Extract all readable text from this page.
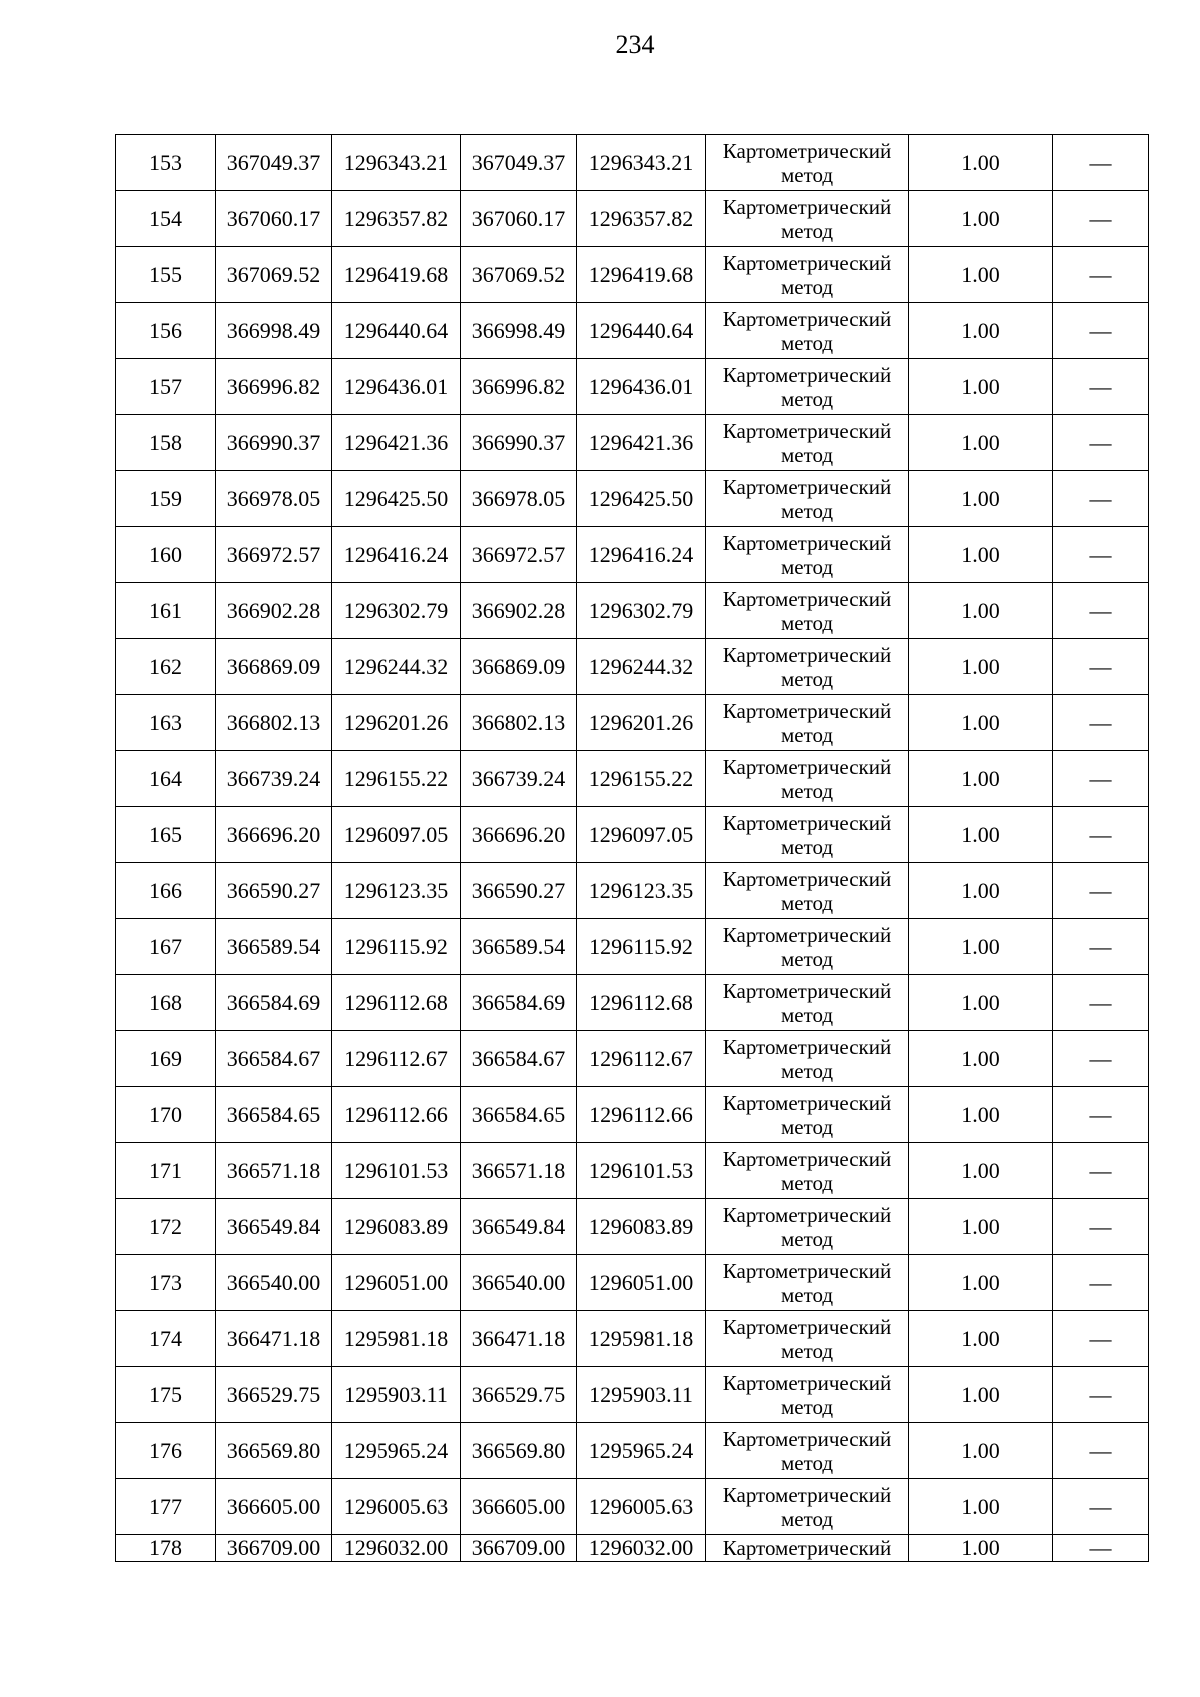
234
153	367049.37	1296343.21	367049.37	1296343.21	Картометрический метод	1.00	—
154	367060.17	1296357.82	367060.17	1296357.82	Картометрический метод	1.00	—
155	367069.52	1296419.68	367069.52	1296419.68	Картометрический метод	1.00	—
156	366998.49	1296440.64	366998.49	1296440.64	Картометрический метод	1.00	—
157	366996.82	1296436.01	366996.82	1296436.01	Картометрический метод	1.00	—
158	366990.37	1296421.36	366990.37	1296421.36	Картометрический метод	1.00	—
159	366978.05	1296425.50	366978.05	1296425.50	Картометрический метод	1.00	—
160	366972.57	1296416.24	366972.57	1296416.24	Картометрический метод	1.00	—
161	366902.28	1296302.79	366902.28	1296302.79	Картометрический метод	1.00	—
162	366869.09	1296244.32	366869.09	1296244.32	Картометрический метод	1.00	—
163	366802.13	1296201.26	366802.13	1296201.26	Картометрический метод	1.00	—
164	366739.24	1296155.22	366739.24	1296155.22	Картометрический метод	1.00	—
165	366696.20	1296097.05	366696.20	1296097.05	Картометрический метод	1.00	—
166	366590.27	1296123.35	366590.27	1296123.35	Картометрический метод	1.00	—
167	366589.54	1296115.92	366589.54	1296115.92	Картометрический метод	1.00	—
168	366584.69	1296112.68	366584.69	1296112.68	Картометрический метод	1.00	—
169	366584.67	1296112.67	366584.67	1296112.67	Картометрический метод	1.00	—
170	366584.65	1296112.66	366584.65	1296112.66	Картометрический метод	1.00	—
171	366571.18	1296101.53	366571.18	1296101.53	Картометрический метод	1.00	—
172	366549.84	1296083.89	366549.84	1296083.89	Картометрический метод	1.00	—
173	366540.00	1296051.00	366540.00	1296051.00	Картометрический метод	1.00	—
174	366471.18	1295981.18	366471.18	1295981.18	Картометрический метод	1.00	—
175	366529.75	1295903.11	366529.75	1295903.11	Картометрический метод	1.00	—
176	366569.80	1295965.24	366569.80	1295965.24	Картометрический метод	1.00	—
177	366605.00	1296005.63	366605.00	1296005.63	Картометрический метод	1.00	—
178	366709.00	1296032.00	366709.00	1296032.00	Картометрический	1.00	—
